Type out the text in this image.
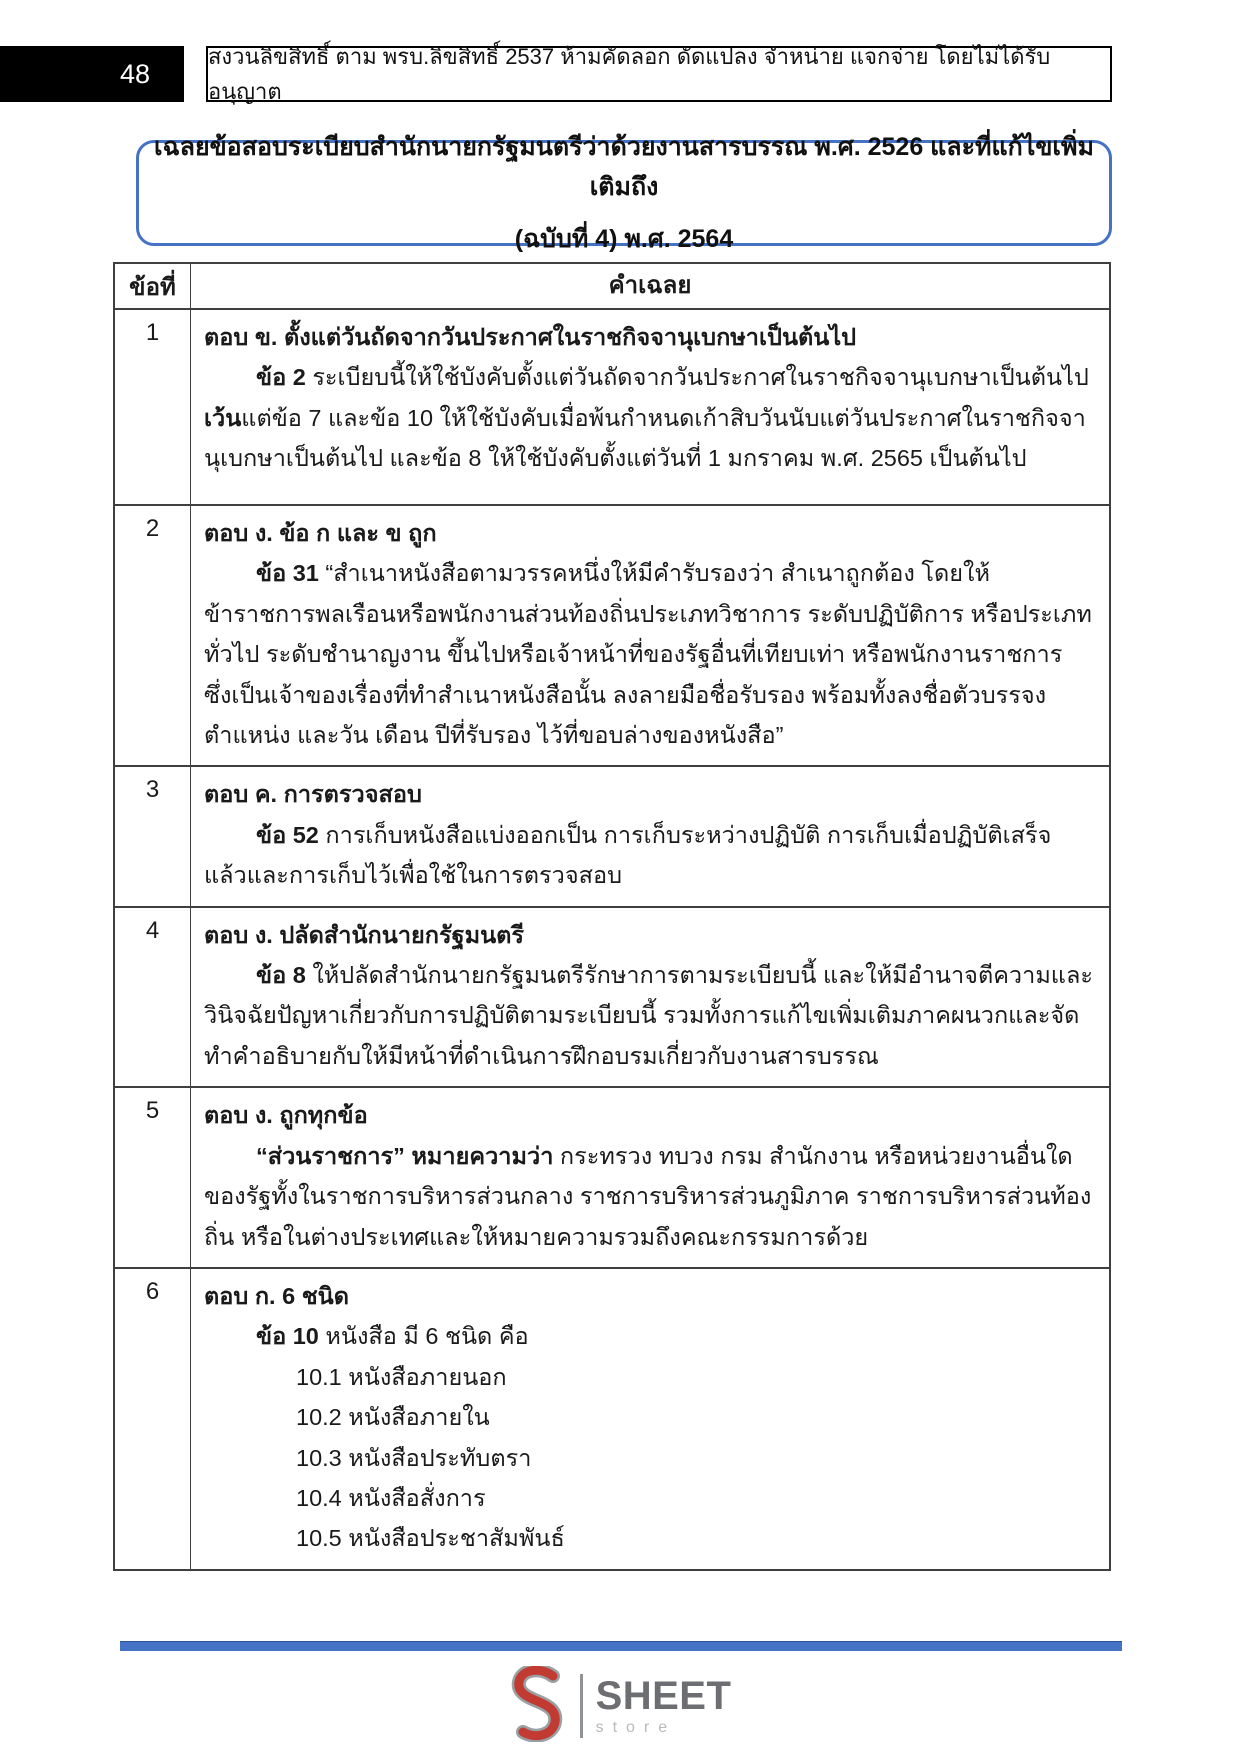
48
สงวนลิขสิทธิ์ ตาม พรบ.ลิขสิทธิ์ 2537 ห้ามคัดลอก ดัดแปลง จำหน่าย แจกจ่าย โดยไม่ได้รับอนุญาต
เฉลยข้อสอบระเบียบสำนักนายกรัฐมนตรีว่าด้วยงานสารบรรณ พ.ศ. 2526 และที่แก้ไขเพิ่มเติมถึง
(ฉบับที่ 4) พ.ศ. 2564
ข้อที่	คำเฉลย
1	ตอบ ข. ตั้งแต่วันถัดจากวันประกาศในราชกิจจานุเบกษาเป็นต้นไป
ข้อ 2 ระเบียบนี้ให้ใช้บังคับตั้งแต่วันถัดจากวันประกาศในราชกิจจานุเบกษาเป็นต้นไป เว้นแต่ข้อ 7 และข้อ 10 ให้ใช้บังคับเมื่อพ้นกำหนดเก้าสิบวันนับแต่วันประกาศในราชกิจจานุเบกษาเป็นต้นไป และข้อ 8 ให้ใช้บังคับตั้งแต่วันที่ 1 มกราคม พ.ศ. 2565 เป็นต้นไป
2	ตอบ ง. ข้อ ก และ ข ถูก
ข้อ 31 “สำเนาหนังสือตามวรรคหนึ่งให้มีคำรับรองว่า สำเนาถูกต้อง โดยให้ข้าราชการพลเรือนหรือพนักงานส่วนท้องถิ่นประเภทวิชาการ ระดับปฏิบัติการ หรือประเภททั่วไป ระดับชำนาญงาน ขึ้นไปหรือเจ้าหน้าที่ของรัฐอื่นที่เทียบเท่า หรือพนักงานราชการ ซึ่งเป็นเจ้าของเรื่องที่ทำสำเนาหนังสือนั้น ลงลายมือชื่อรับรอง พร้อมทั้งลงชื่อตัวบรรจง ตำแหน่ง และวัน เดือน ปีที่รับรอง ไว้ที่ขอบล่างของหนังสือ”
3	ตอบ ค. การตรวจสอบ
ข้อ 52 การเก็บหนังสือแบ่งออกเป็น การเก็บระหว่างปฏิบัติ การเก็บเมื่อปฏิบัติเสร็จแล้วและการเก็บไว้เพื่อใช้ในการตรวจสอบ
4	ตอบ ง. ปลัดสำนักนายกรัฐมนตรี
ข้อ 8 ให้ปลัดสำนักนายกรัฐมนตรีรักษาการตามระเบียบนี้ และให้มีอำนาจตีความและวินิจฉัยปัญหาเกี่ยวกับการปฏิบัติตามระเบียบนี้ รวมทั้งการแก้ไขเพิ่มเติมภาคผนวกและจัดทำคำอธิบายกับให้มีหน้าที่ดำเนินการฝึกอบรมเกี่ยวกับงานสารบรรณ
5	ตอบ ง. ถูกทุกข้อ
“ส่วนราชการ” หมายความว่า กระทรวง ทบวง กรม สำนักงาน หรือหน่วยงานอื่นใดของรัฐทั้งในราชการบริหารส่วนกลาง ราชการบริหารส่วนภูมิภาค ราชการบริหารส่วนท้องถิ่น หรือในต่างประเทศและให้หมายความรวมถึงคณะกรรมการด้วย
6	ตอบ ก. 6 ชนิด
ข้อ 10 หนังสือ มี 6 ชนิด คือ
10.1 หนังสือภายนอก
10.2 หนังสือภายใน
10.3 หนังสือประทับตรา
10.4 หนังสือสั่งการ
10.5 หนังสือประชาสัมพันธ์
SHEET
store
